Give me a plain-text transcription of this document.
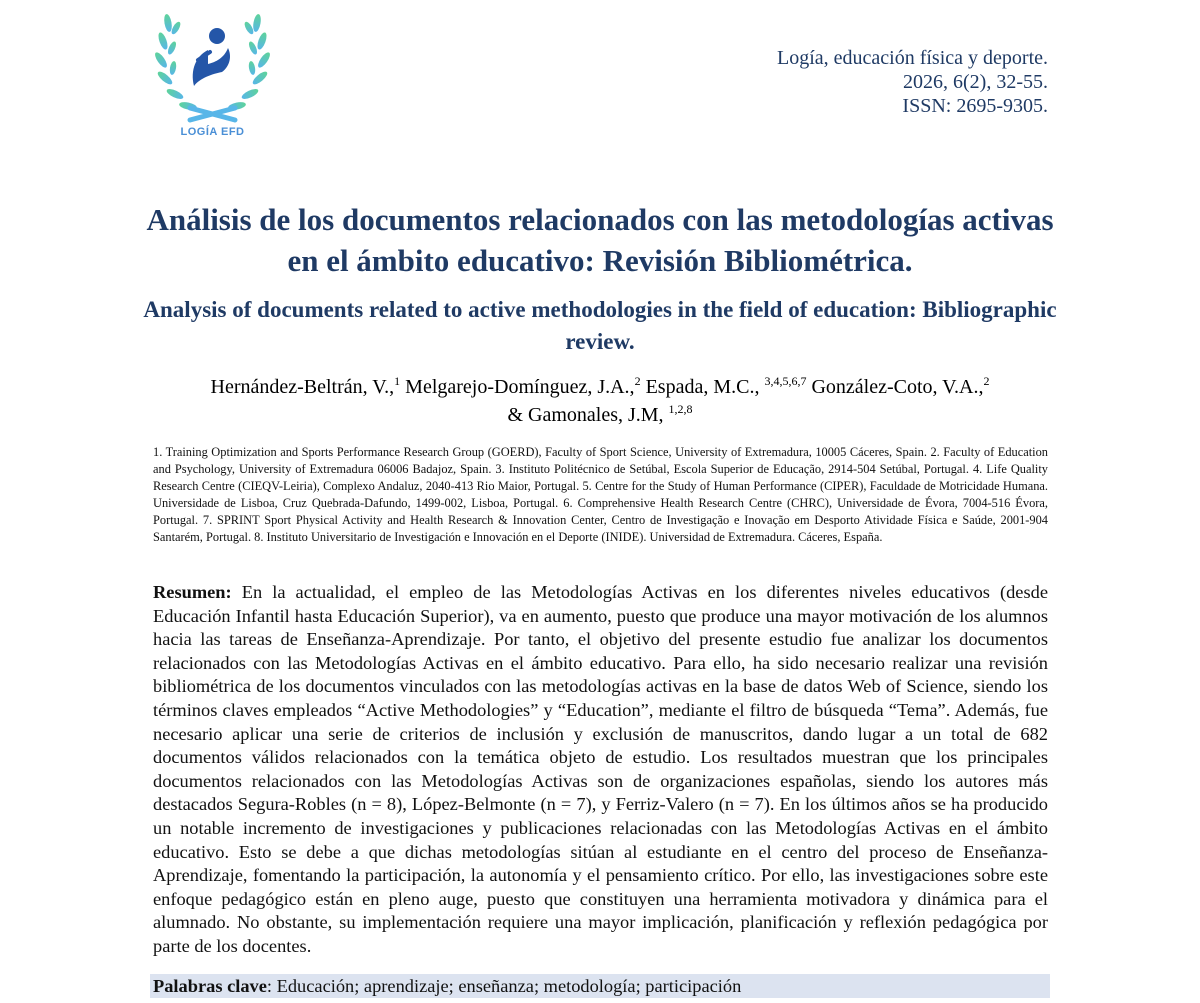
LOGÍA EFD
Logía, educación física y deporte.
2026, 6(2), 32-55.
ISSN: 2695-9305.
Análisis de los documentos relacionados con las metodologías activas en el ámbito educativo: Revisión Bibliométrica.
Analysis of documents related to active methodologies in the field of education: Bibliographic review.
Hernández-Beltrán, V.,$^1$ Melgarejo-Domínguez, J.A.,$^2$ Espada, M.C., $^{3,4,5,6,7}$ González-Coto, V.A.,$^2$
& Gamonales, J.M, $^{1,2,8}$
1. Training Optimization and Sports Performance Research Group (GOERD), Faculty of Sport Science, University of Extremadura, 10005 Cáceres, Spain. 2. Faculty of Education and Psychology, University of Extremadura 06006 Badajoz, Spain. 3. Instituto Politécnico de Setúbal, Escola Superior de Educação, 2914-504 Setúbal, Portugal. 4. Life Quality Research Centre (CIEQV-Leiria), Complexo Andaluz, 2040-413 Rio Maior, Portugal. 5. Centre for the Study of Human Performance (CIPER), Faculdade de Motricidade Humana. Universidade de Lisboa, Cruz Quebrada-Dafundo, 1499-002, Lisboa, Portugal. 6. Comprehensive Health Research Centre (CHRC), Universidade de Évora, 7004-516 Évora, Portugal. 7. SPRINT Sport Physical Activity and Health Research & Innovation Center, Centro de Investigação e Inovação em Desporto Atividade Física e Saúde, 2001-904 Santarém, Portugal. 8. Instituto Universitario de Investigación e Innovación en el Deporte (INIDE). Universidad de Extremadura. Cáceres, España.
Resumen: En la actualidad, el empleo de las Metodologías Activas en los diferentes niveles educativos (desde Educación Infantil hasta Educación Superior), va en aumento, puesto que produce una mayor motivación de los alumnos hacia las tareas de Enseñanza-Aprendizaje. Por tanto, el objetivo del presente estudio fue analizar los documentos relacionados con las Metodologías Activas en el ámbito educativo. Para ello, ha sido necesario realizar una revisión bibliométrica de los documentos vinculados con las metodologías activas en la base de datos Web of Science, siendo los términos claves empleados “Active Methodologies” y “Education”, mediante el filtro de búsqueda “Tema”. Además, fue necesario aplicar una serie de criterios de inclusión y exclusión de manuscritos, dando lugar a un total de 682 documentos válidos relacionados con la temática objeto de estudio. Los resultados muestran que los principales documentos relacionados con las Metodologías Activas son de organizaciones españolas, siendo los autores más destacados Segura-Robles (n = 8), López-Belmonte (n = 7), y Ferriz-Valero (n = 7). En los últimos años se ha producido un notable incremento de investigaciones y publicaciones relacionadas con las Metodologías Activas en el ámbito educativo. Esto se debe a que dichas metodologías sitúan al estudiante en el centro del proceso de Enseñanza-Aprendizaje, fomentando la participación, la autonomía y el pensamiento crítico. Por ello, las investigaciones sobre este enfoque pedagógico están en pleno auge, puesto que constituyen una herramienta motivadora y dinámica para el alumnado. No obstante, su implementación requiere una mayor implicación, planificación y reflexión pedagógica por parte de los docentes.
Palabras clave: Educación; aprendizaje; enseñanza; metodología; participación
